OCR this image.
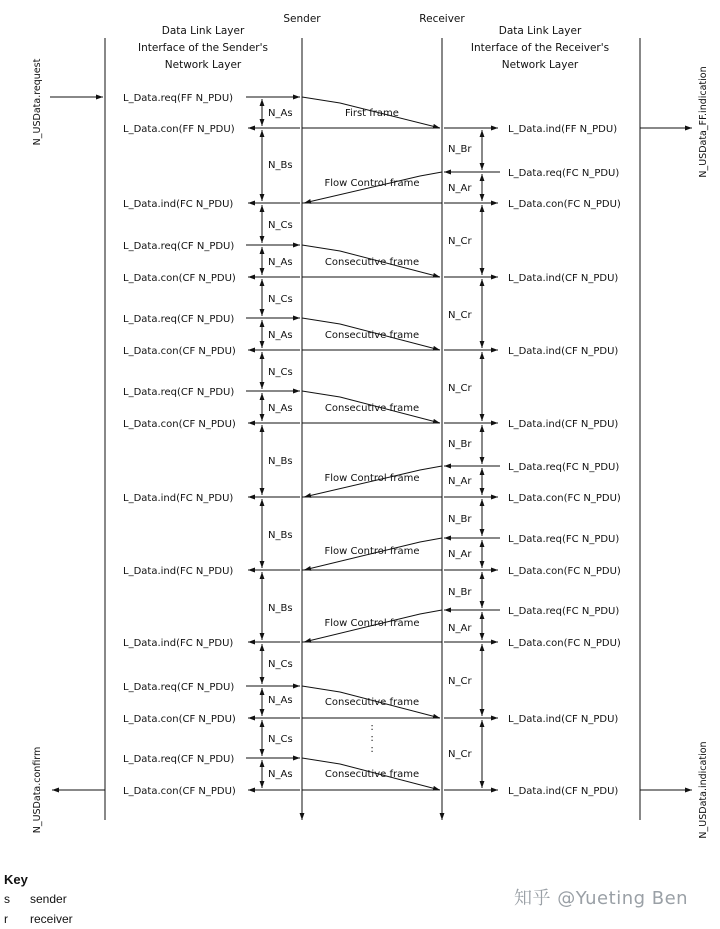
Data Link Layer
Interface of the Sender's
Network Layer
Sender	Receiver
Data Link Layer
Interface of the Receiver's
Network Layer
N_USData.request	N_USData_FF.indication
N_USData.confirm	N_USData.indication
First frame
Flow Control frame
Consecutive frame
Consecutive frame
Consecutive frame
Flow Control frame
Flow Control frame
Flow Control frame
Consecutive frame
Consecutive frame
L_Data.req(FF N_PDU)
L_Data.con(FF N_PDU)
L_Data.ind(FC N_PDU)
L_Data.req(CF N_PDU)
L_Data.con(CF N_PDU)
L_Data.req(CF N_PDU)
L_Data.con(CF N_PDU)
L_Data.req(CF N_PDU)
L_Data.con(CF N_PDU)
L_Data.ind(FC N_PDU)
L_Data.ind(FC N_PDU)
L_Data.ind(FC N_PDU)
L_Data.req(CF N_PDU)
L_Data.con(CF N_PDU)
L_Data.req(CF N_PDU)
L_Data.con(CF N_PDU)
L_Data.ind(FF N_PDU)
L_Data.req(FC N_PDU)
L_Data.con(FC N_PDU)
L_Data.ind(CF N_PDU)
L_Data.ind(CF N_PDU)
L_Data.ind(CF N_PDU)
L_Data.req(FC N_PDU)
L_Data.con(FC N_PDU)
L_Data.req(FC N_PDU)
L_Data.con(FC N_PDU)
L_Data.req(FC N_PDU)
L_Data.con(FC N_PDU)
L_Data.ind(CF N_PDU)
L_Data.ind(CF N_PDU)
N_As
N_Bs
N_Cs
N_As
N_Cs
N_As
N_Cs
N_As
N_Bs
N_Bs
N_Bs
N_Cs
N_As
N_Cs
N_As
N_Br
N_Ar
N_Cr
N_Cr
N_Cr
N_Br
N_Ar
N_Br
N_Ar
N_Br
N_Ar
N_Cr
N_Cr
:
:
:
Key
s sender
r receiver
知乎 @Yueting Ben
